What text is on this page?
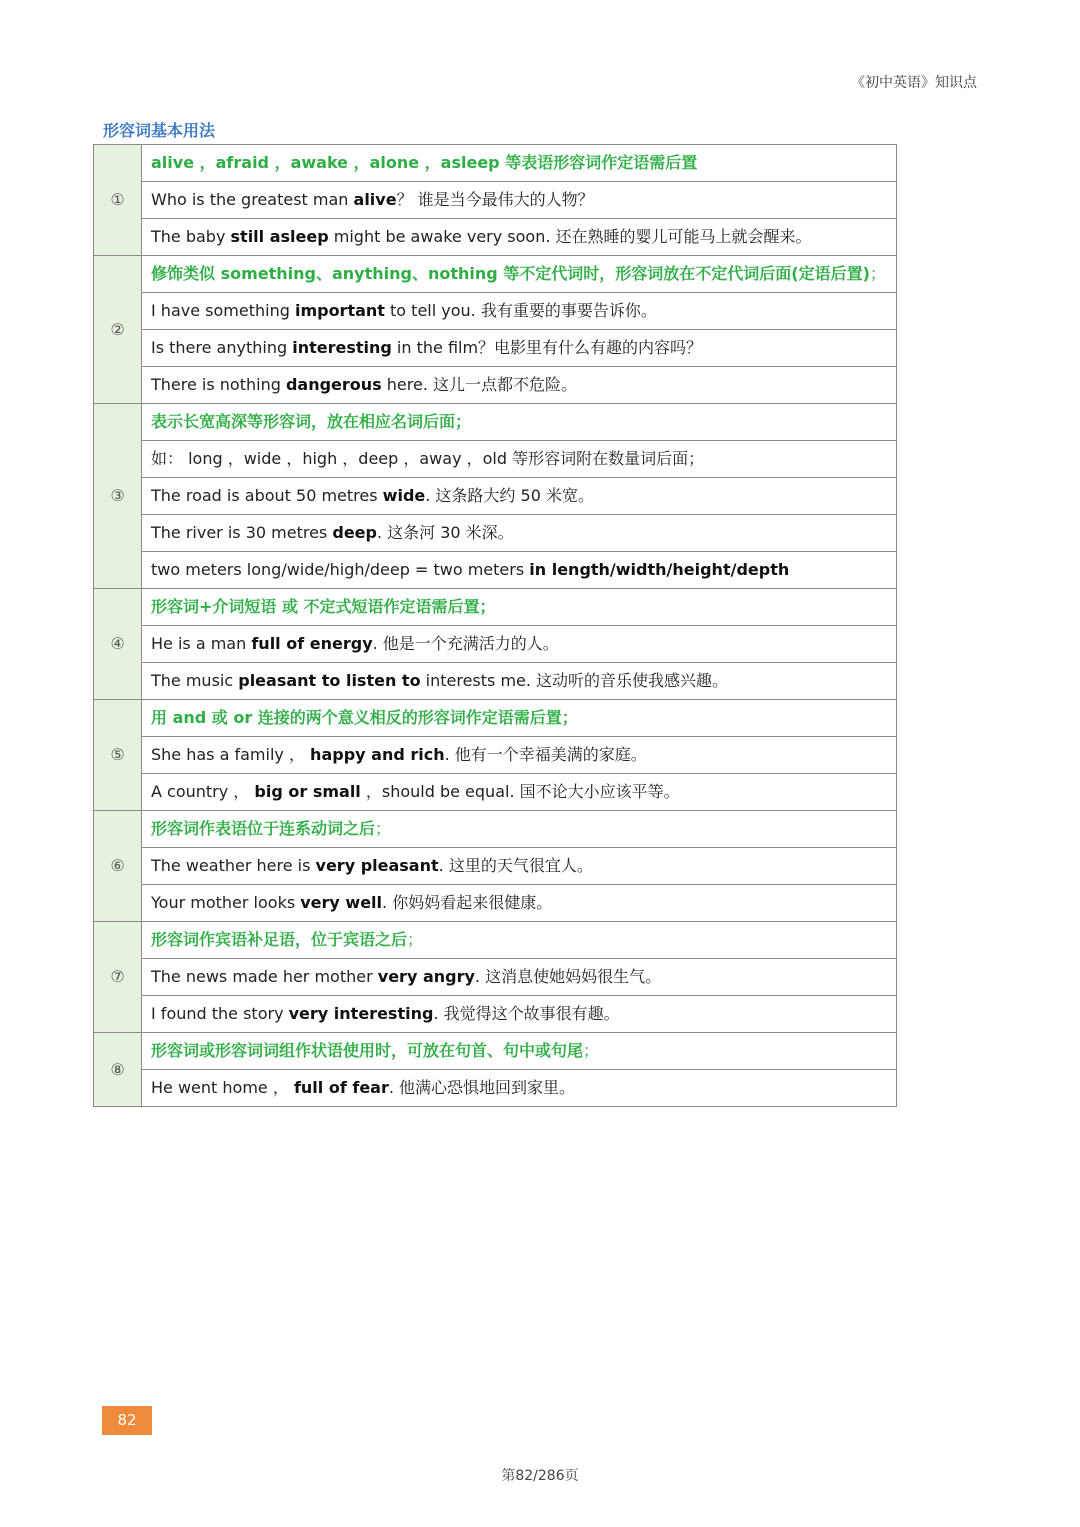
《初中英语》知识点
形容词基本用法
①	alive ，afraid ，awake ，alone ，asleep 等表语形容词作定语需后置
	Who is the greatest man alive？ 谁是当今最伟大的人物？
	The baby still asleep might be awake very soon. 还在熟睡的婴儿可能马上就会醒来。
②	修饰类似 something、anything、nothing 等不定代词时，形容词放在不定代词后面(定语后置)；
	I have something important to tell you. 我有重要的事要告诉你。
	Is there anything interesting in the film？电影里有什么有趣的内容吗？
	There is nothing dangerous here. 这儿一点都不危险。
③	表示长宽高深等形容词，放在相应名词后面；
	如： long ，wide ，high ，deep ，away ，old 等形容词附在数量词后面；
	The road is about 50 metres wide. 这条路大约 50 米宽。
	The river is 30 metres deep. 这条河 30 米深。
	two meters long/wide/high/deep = two meters in length/width/height/depth
④	形容词+介词短语 或 不定式短语作定语需后置；
	He is a man full of energy. 他是一个充满活力的人。
	The music pleasant to listen to interests me. 这动听的音乐使我感兴趣。
⑤	用 and 或 or 连接的两个意义相反的形容词作定语需后置；
	She has a family ， happy and rich. 他有一个幸福美满的家庭。
	A country ， big or small ，should be equal. 国不论大小应该平等。
⑥	形容词作表语位于连系动词之后；
	The weather here is very pleasant. 这里的天气很宜人。
	Your mother looks very well. 你妈妈看起来很健康。
⑦	形容词作宾语补足语，位于宾语之后；
	The news made her mother very angry. 这消息使她妈妈很生气。
	I found the story very interesting. 我觉得这个故事很有趣。
⑧	形容词或形容词词组作状语使用时，可放在句首、句中或句尾；
	He went home ， full of fear. 他满心恐惧地回到家里。
82
第82/286页
